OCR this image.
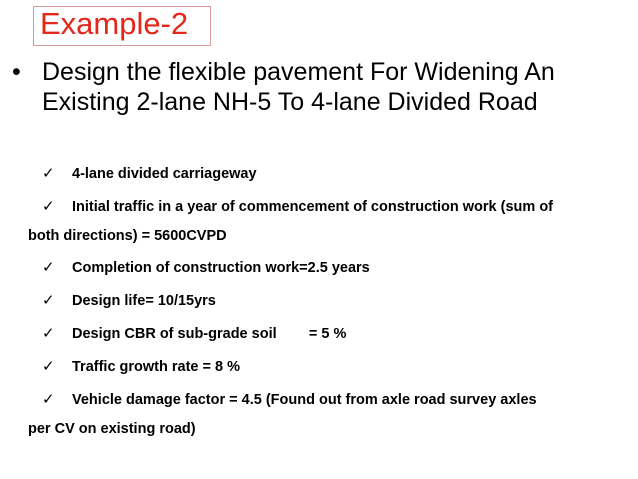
Example-2
• Design the flexible pavement For Widening An Existing 2-lane NH-5 To 4-lane Divided Road
✓ 4-lane divided carriageway
✓ Initial traffic in a year of commencement of construction work (sum of
both directions) = 5600CVPD
✓ Completion of construction work=2.5 years
✓ Design life= 10/15yrs
✓ Design CBR of sub-grade soil        = 5 %
✓ Traffic growth rate = 8 %
✓ Vehicle damage factor = 4.5 (Found out from axle road survey axles
per CV on existing road)
